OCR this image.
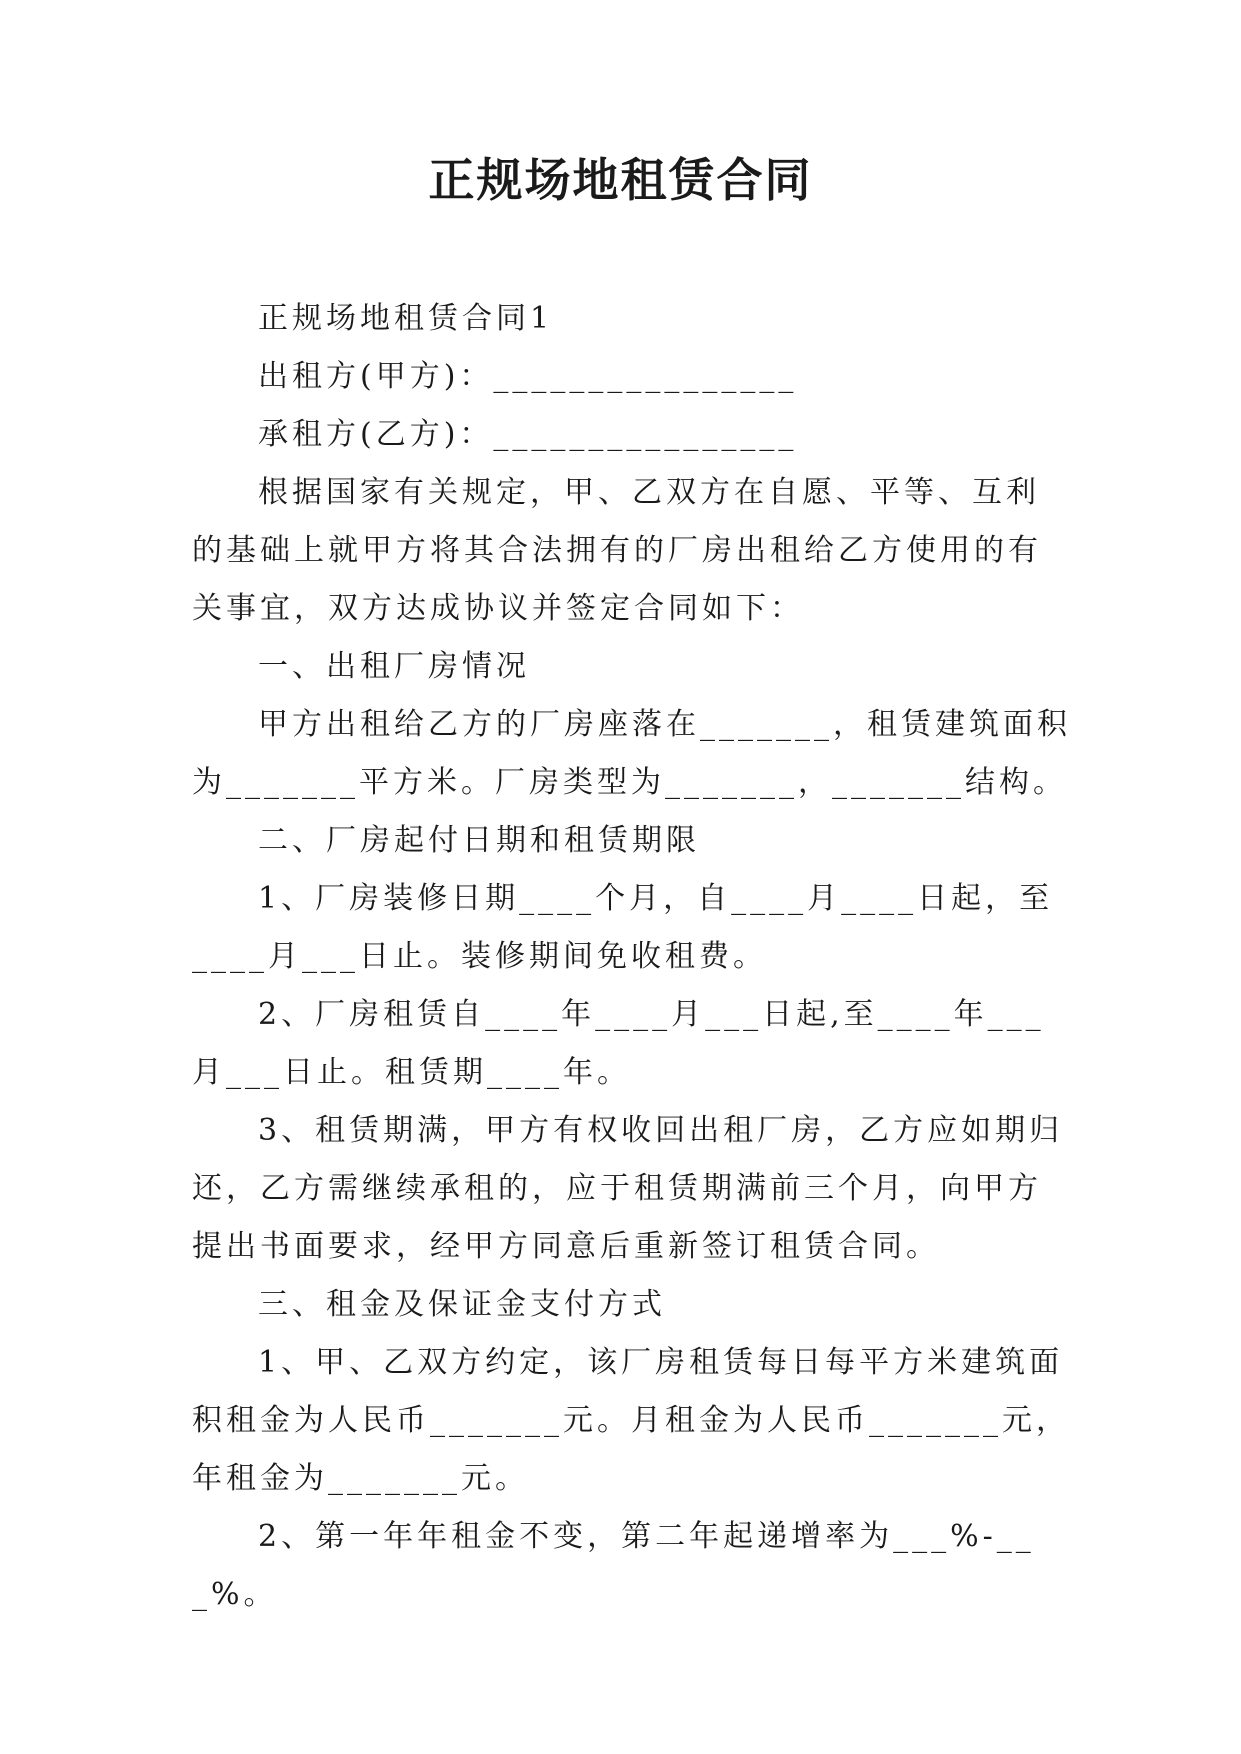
正规场地租赁合同

正规场地租赁合同1

出租方(甲方)：________________

承租方(乙方)：________________

根据国家有关规定，甲、乙双方在自愿、平等、互利的基础上就甲方将其合法拥有的厂房出租给乙方使用的有关事宜，双方达成协议并签定合同如下：

一、出租厂房情况

甲方出租给乙方的厂房座落在_______，租赁建筑面积为_______平方米。厂房类型为_______，_______结构。

二、厂房起付日期和租赁期限

1、厂房装修日期____个月，自____月____日起，至____月___日止。装修期间免收租费。

2、厂房租赁自____年____月___日起,至____年___月___日止。租赁期____年。

3、租赁期满，甲方有权收回出租厂房，乙方应如期归还，乙方需继续承租的，应于租赁期满前三个月，向甲方提出书面要求，经甲方同意后重新签订租赁合同。

三、租金及保证金支付方式

1、甲、乙双方约定，该厂房租赁每日每平方米建筑面积租金为人民币_______元。月租金为人民币_______元，年租金为_______元。

2、第一年年租金不变，第二年起递增率为___%-___%。
